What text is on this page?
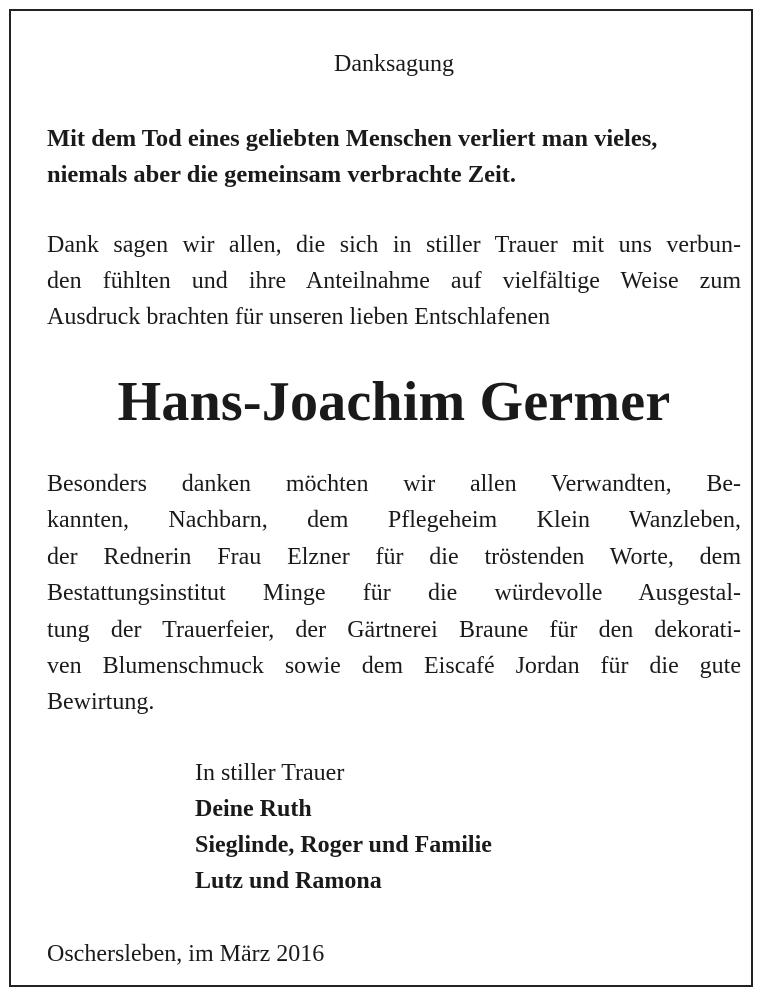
Danksagung
Mit dem Tod eines geliebten Menschen verliert man vieles,
niemals aber die gemeinsam verbrachte Zeit.
Dank sagen wir allen, die sich in stiller Trauer mit uns verbun-
den fühlten und ihre Anteilnahme auf vielfältige Weise zum
Ausdruck brachten für unseren lieben Entschlafenen
Hans-Joachim Germer
Besonders danken möchten wir allen Verwandten, Be-
kannten, Nachbarn, dem Pflegeheim Klein Wanzleben,
der Rednerin Frau Elzner für die tröstenden Worte, dem
Bestattungsinstitut Minge für die würdevolle Ausgestal-
tung der Trauerfeier, der Gärtnerei Braune für den dekorati-
ven Blumenschmuck sowie dem Eiscafé Jordan für die gute
Bewirtung.
In stiller Trauer
Deine Ruth
Sieglinde, Roger und Familie
Lutz und Ramona
Oschersleben, im März 2016
